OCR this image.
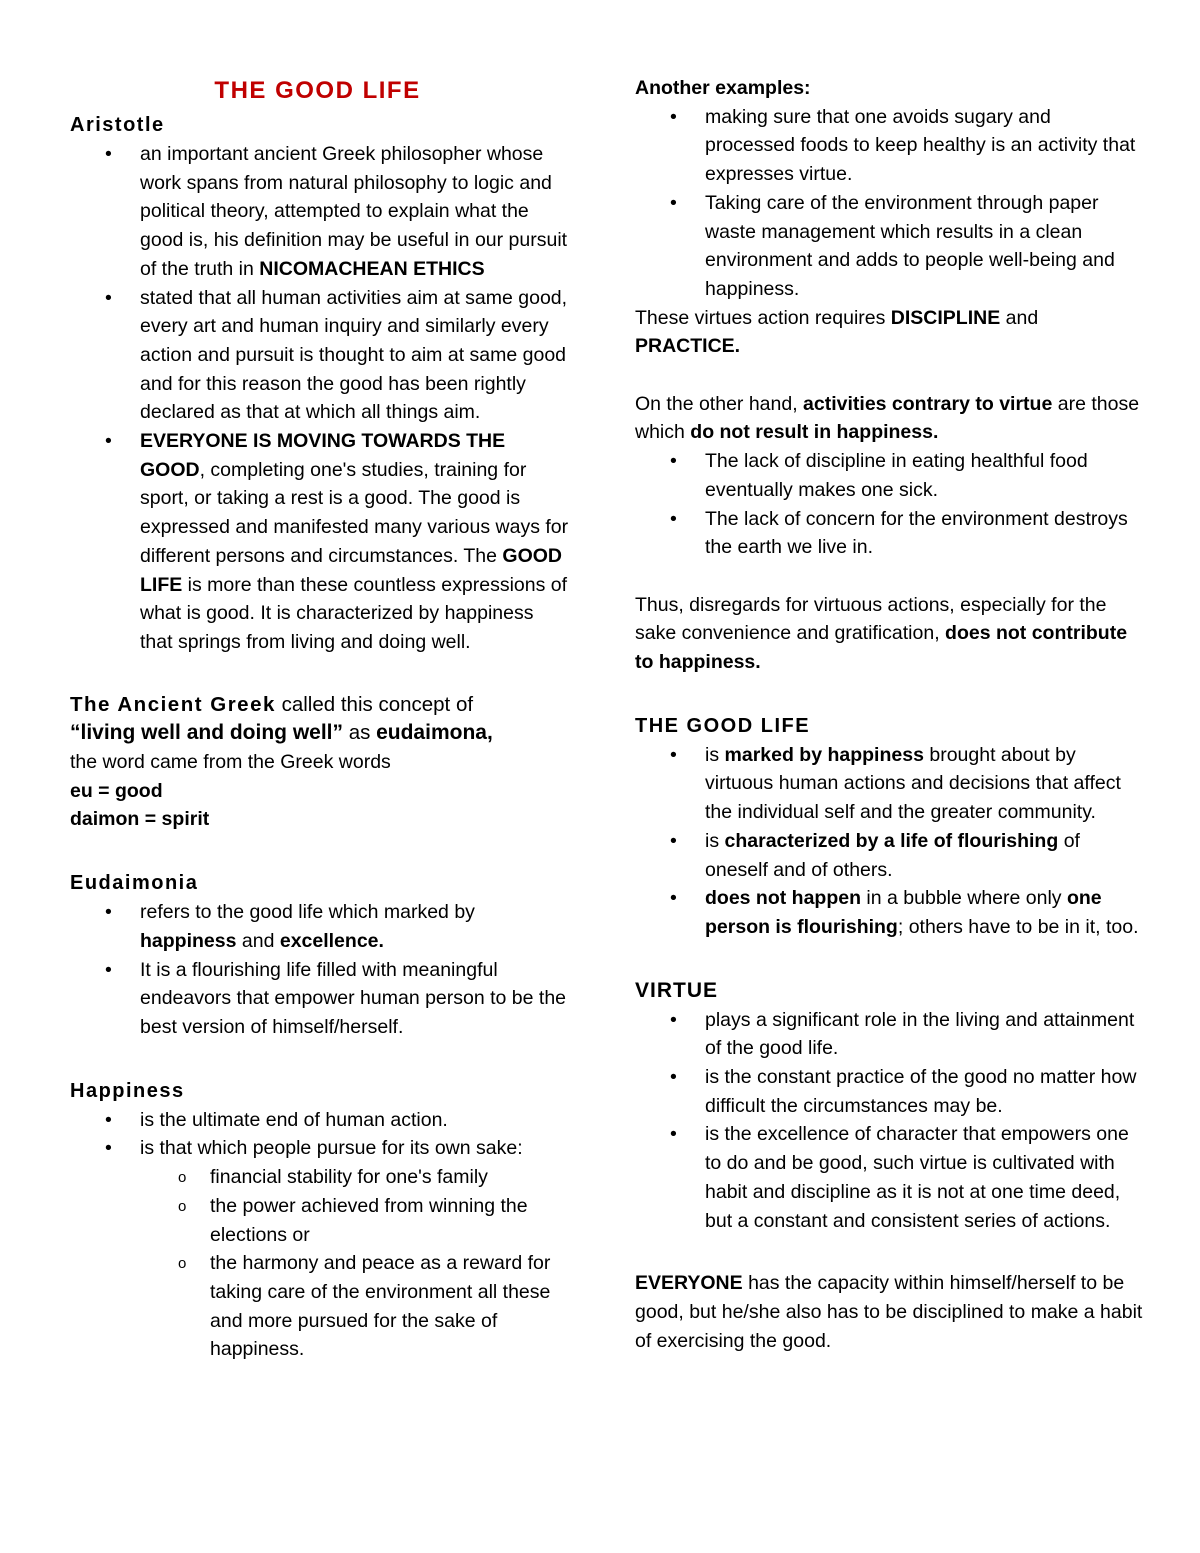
THE GOOD LIFE
Aristotle
• an important ancient Greek philosopher whose work spans from natural philosophy to logic and political theory, attempted to explain what the good is, his definition may be useful in our pursuit of the truth in NICOMACHEAN ETHICS
• stated that all human activities aim at same good, every art and human inquiry and similarly every action and pursuit is thought to aim at same good and for this reason the good has been rightly declared as that at which all things aim.
• EVERYONE IS MOVING TOWARDS THE GOOD, completing one's studies, training for sport, or taking a rest is a good. The good is expressed and manifested many various ways for different persons and circumstances. The GOOD LIFE is more than these countless expressions of what is good. It is characterized by happiness that springs from living and doing well.

The Ancient Greek called this concept of
“living well and doing well” as eudaimona,

the word came from the Greek words

eu = good

daimon = spirit

Eudaimonia
• refers to the good life which marked by happiness and excellence.
• It is a flourishing life filled with meaningful endeavors that empower human person to be the best version of himself/herself.
Happiness
• is the ultimate end of human action.
• is that which people pursue for its own sake:
o financial stability for one's family
o the power achieved from winning the elections or
o the harmony and peace as a reward for taking care of the environment all these and more pursued for the sake of happiness.

Another examples:

• making sure that one avoids sugary and processed foods to keep healthy is an activity that expresses virtue.
• Taking care of the environment through paper waste management which results in a clean environment and adds to people well-being and happiness.

These virtues action requires DISCIPLINE and PRACTICE.

On the other hand, activities contrary to virtue are those which do not result in happiness.

• The lack of discipline in eating healthful food eventually makes one sick.
• The lack of concern for the environment destroys the earth we live in.

Thus, disregards for virtuous actions, especially for the sake convenience and gratification, does not contribute to happiness.

THE GOOD LIFE
• is marked by happiness brought about by virtuous human actions and decisions that affect the individual self and the greater community.
• is characterized by a life of flourishing of oneself and of others.
• does not happen in a bubble where only one person is flourishing; others have to be in it, too.
VIRTUE
• plays a significant role in the living and attainment of the good life.
• is the constant practice of the good no matter how difficult the circumstances may be.
• is the excellence of character that empowers one to do and be good, such virtue is cultivated with habit and discipline as it is not at one time deed, but a constant and consistent series of actions.

EVERYONE has the capacity within himself/herself to be good, but he/she also has to be disciplined to make a habit of exercising the good.
